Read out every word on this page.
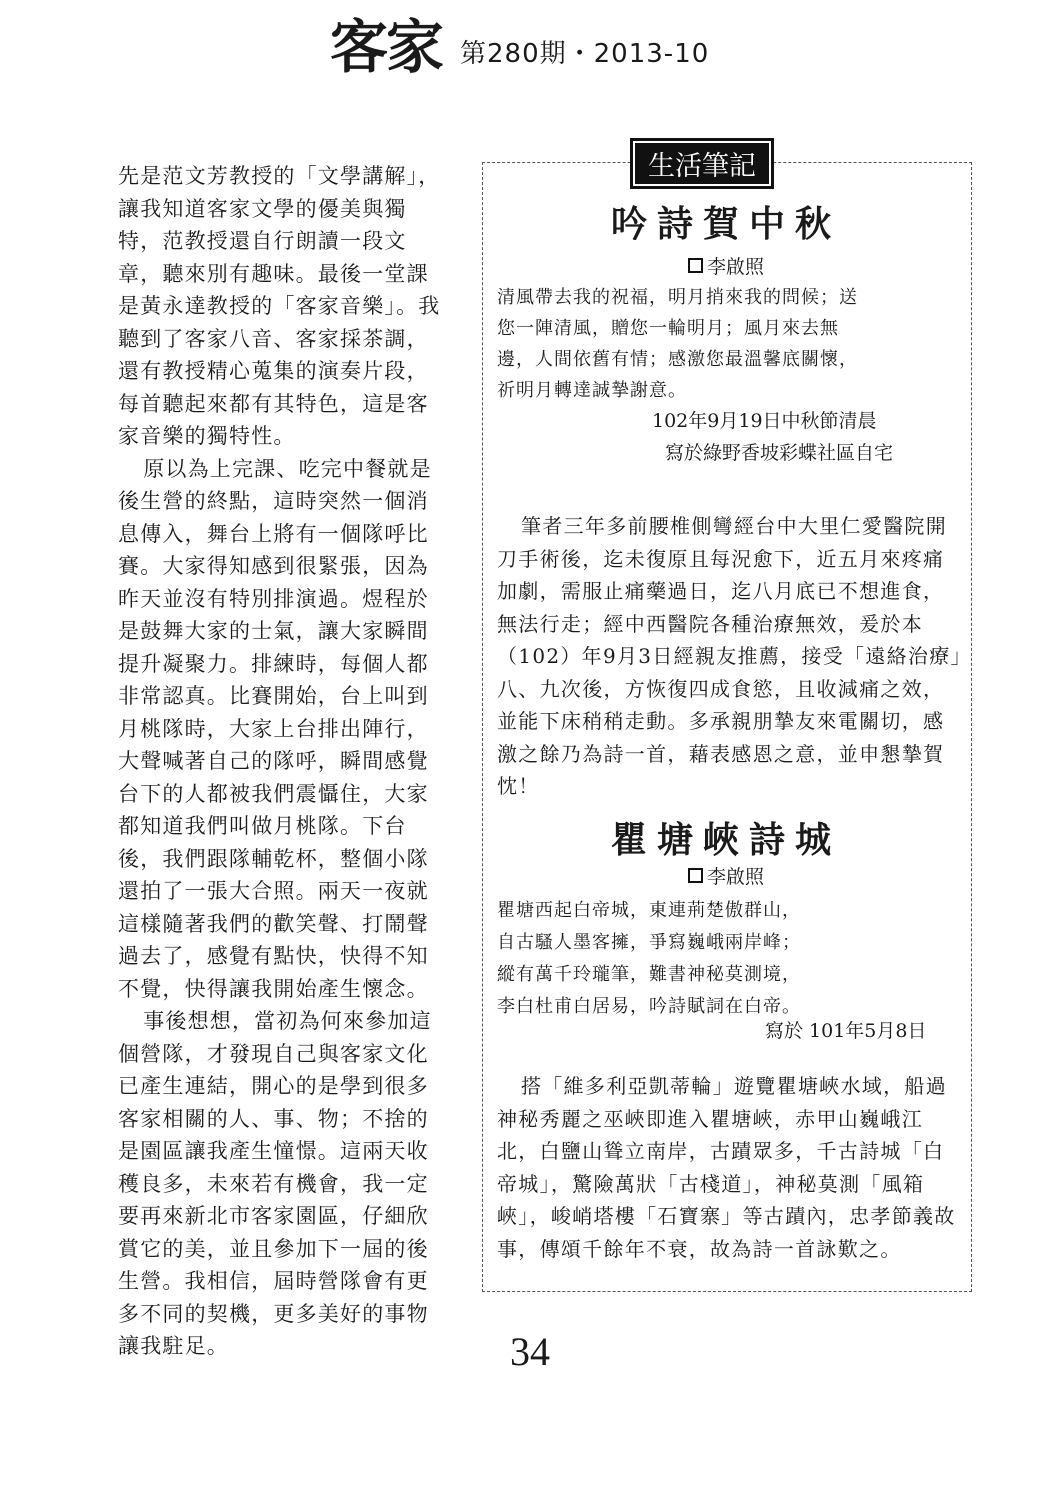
客家 第280期・2013-10

先是范文芳教授的「文學講解」，讓我知道客家文學的優美與獨特，范教授還自行朗讀一段文章，聽來別有趣味。最後一堂課是黃永達教授的「客家音樂」。我聽到了客家八音、客家採茶調，還有教授精心蒐集的演奏片段，每首聽起來都有其特色，這是客家音樂的獨特性。

原以為上完課、吃完中餐就是後生營的終點，這時突然一個消息傳入，舞台上將有一個隊呼比賽。大家得知感到很緊張，因為昨天並沒有特別排演過。煜程於是鼓舞大家的士氣，讓大家瞬間提升凝聚力。排練時，每個人都非常認真。比賽開始，台上叫到月桃隊時，大家上台排出陣行，大聲喊著自己的隊呼，瞬間感覺台下的人都被我們震懾住，大家都知道我們叫做月桃隊。下台後，我們跟隊輔乾杯，整個小隊還拍了一張大合照。兩天一夜就這樣隨著我們的歡笑聲、打鬧聲過去了，感覺有點快，快得不知不覺，快得讓我開始產生懷念。

事後想想，當初為何來參加這個營隊，才發現自己與客家文化已產生連結，開心的是學到很多客家相關的人、事、物；不捨的是園區讓我產生憧憬。這兩天收穫良多，未來若有機會，我一定要再來新北市客家園區，仔細欣賞它的美，並且參加下一屆的後生營。我相信，屆時營隊會有更多不同的契機，更多美好的事物讓我駐足。

生活筆記
吟詩賀中秋
李啟照
清風帶去我的祝福，明月捎來我的問候；送
您一陣清風，贈您一輪明月；風月來去無
邊，人間依舊有情；感激您最溫馨底關懷，
祈明月轉達誠摯謝意。
102年9月19日中秋節清晨
寫於綠野香坡彩蝶社區自宅

筆者三年多前腰椎側彎經台中大里仁愛醫院開刀手術後，迄未復原且每況愈下，近五月來疼痛加劇，需服止痛藥過日，迄八月底已不想進食，無法行走；經中西醫院各種治療無效，爰於本（102）年9月3日經親友推薦，接受「遠絡治療」八、九次後，方恢復四成食慾，且收減痛之效，並能下床稍稍走動。多承親朋摯友來電關切，感激之餘乃為詩一首，藉表感恩之意，並申懇摯賀忱！

瞿塘峽詩城
李啟照
瞿塘西起白帝城，東連荊楚傲群山，
自古騷人墨客擁，爭寫巍峨兩岸峰；
縱有萬千玲瓏筆，難書神秘莫測境，
李白杜甫白居易，吟詩賦詞在白帝。
寫於 101年5月8日

搭「維多利亞凱蒂輪」遊覽瞿塘峽水域，船過神秘秀麗之巫峽即進入瞿塘峽，赤甲山巍峨江北，白鹽山聳立南岸，古蹟眾多，千古詩城「白帝城」，驚險萬狀「古棧道」，神秘莫測「風箱峽」，峻峭塔樓「石寶寨」等古蹟內，忠孝節義故事，傳頌千餘年不衰，故為詩一首詠歎之。

34
